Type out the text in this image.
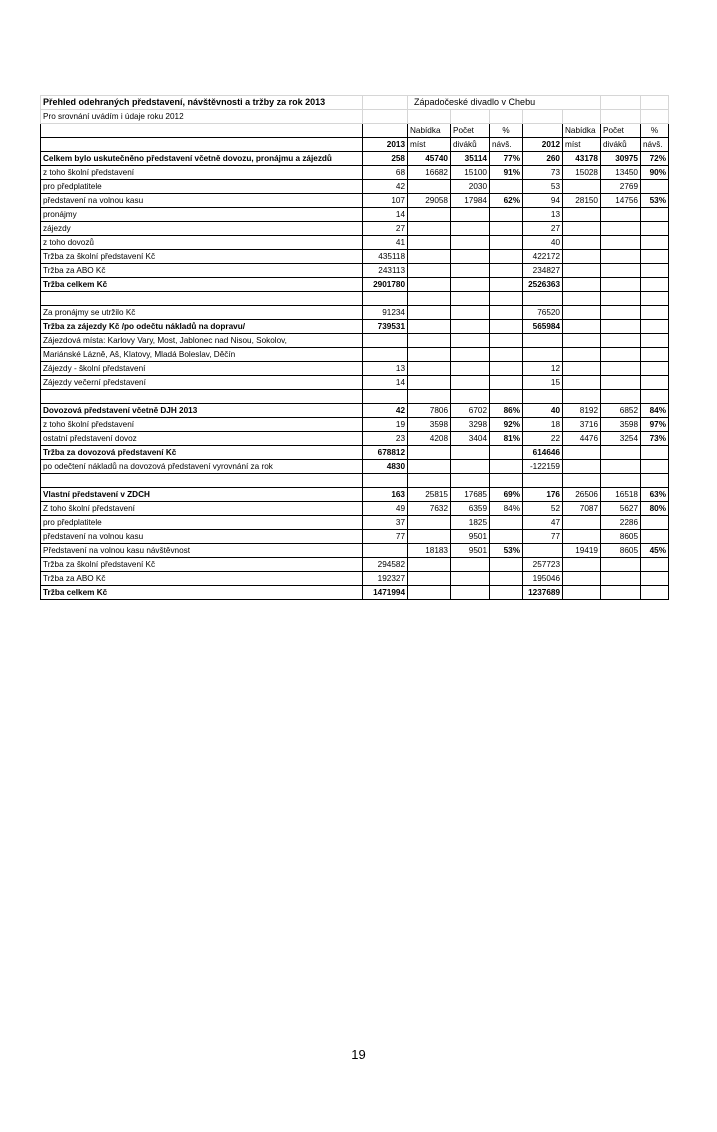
Přehled odehraných představení, návštěvnosti a tržby za rok 2013		Západočeské divadlo v Chebu						
Pro srovnání uvádím i údaje roku 2012								
		Nabídka	Počet	%		Nabídka	Počet	%
	2013	míst	diváků	návš.	2012	míst	diváků	návš.
Celkem bylo uskutečněno představení včetně dovozu, pronájmu a zájezdů	258	45740	35114	77%	260	43178	30975	72%
z toho školní představení	68	16682	15100	91%	73	15028	13450	90%
pro předplatitele	42		2030		53		2769	
představení na volnou kasu	107	29058	17984	62%	94	28150	14756	53%
pronájmy	14				13			
zájezdy	27				27			
z toho dovozů	41				40			
Tržba za školní představení Kč	435118				422172			
Tržba za ABO Kč	243113				234827			
Tržba celkem Kč	2901780				2526363			

Za pronájmy se utržilo Kč	91234				76520			
Tržba za zájezdy Kč /po odečtu nákladů na dopravu/	739531				565984			
Zájezdová místa: Karlovy Vary, Most, Jablonec nad Nisou, Sokolov,								
Mariánské Lázně, Aš, Klatovy, Mladá Boleslav, Děčín								
Zájezdy - školní představení	13				12			
Zájezdy večerní představení	14				15			

Dovozová představení včetně DJH 2013	42	7806	6702	86%	40	8192	6852	84%
z toho školní představení	19	3598	3298	92%	18	3716	3598	97%
ostatní představení dovoz	23	4208	3404	81%	22	4476	3254	73%
Tržba za dovozová představení Kč	678812				614646			
po odečtení nákladů na dovozová představení vyrovnání za rok	4830				-122159			

Vlastní představení v ZDCH	163	25815	17685	69%	176	26506	16518	63%
Z toho školní představení	49	7632	6359	84%	52	7087	5627	80%
pro předplatitele	37		1825		47		2286	
představení na volnou kasu	77		9501		77		8605	
Představení na volnou kasu návštěvnost		18183	9501	53%		19419	8605	45%
Tržba za školní představení Kč	294582				257723			
Tržba za ABO Kč	192327				195046			
Tržba celkem Kč	1471994				1237689			
19
